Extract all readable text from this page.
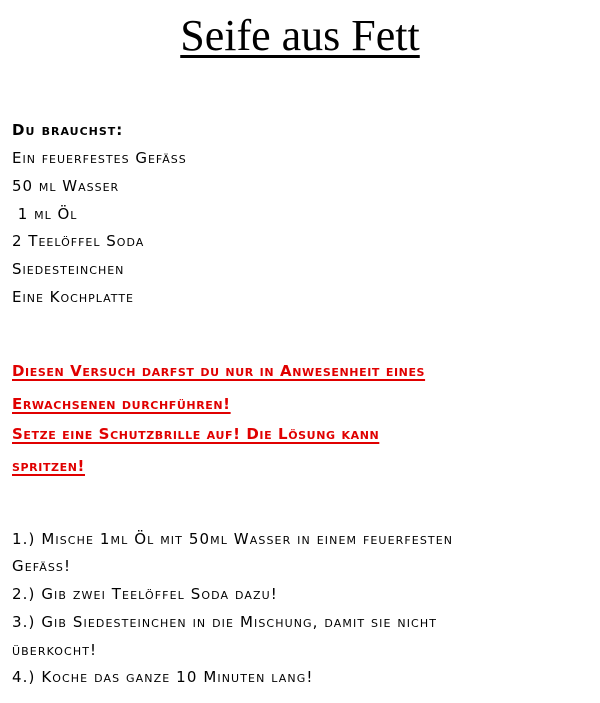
Seife aus Fett

Du brauchst:

Ein feuerfestes Gefäss

50 ml Wasser

1 ml Öl

2 Teelöffel Soda

Siedesteinchen

Eine Kochplatte

Diesen Versuch darfst du nur in Anwesenheit eines

Erwachsenen durchführen!

Setze eine Schutzbrille auf! Die Lösung kann

spritzen!

1.) Mische 1ml Öl mit 50ml Wasser in einem feuerfesten

Gefäss!

2.) Gib zwei Teelöffel Soda dazu!

3.) Gib Siedesteinchen in die Mischung, damit sie nicht

überkocht!

4.) Koche das ganze 10 Minuten lang!
